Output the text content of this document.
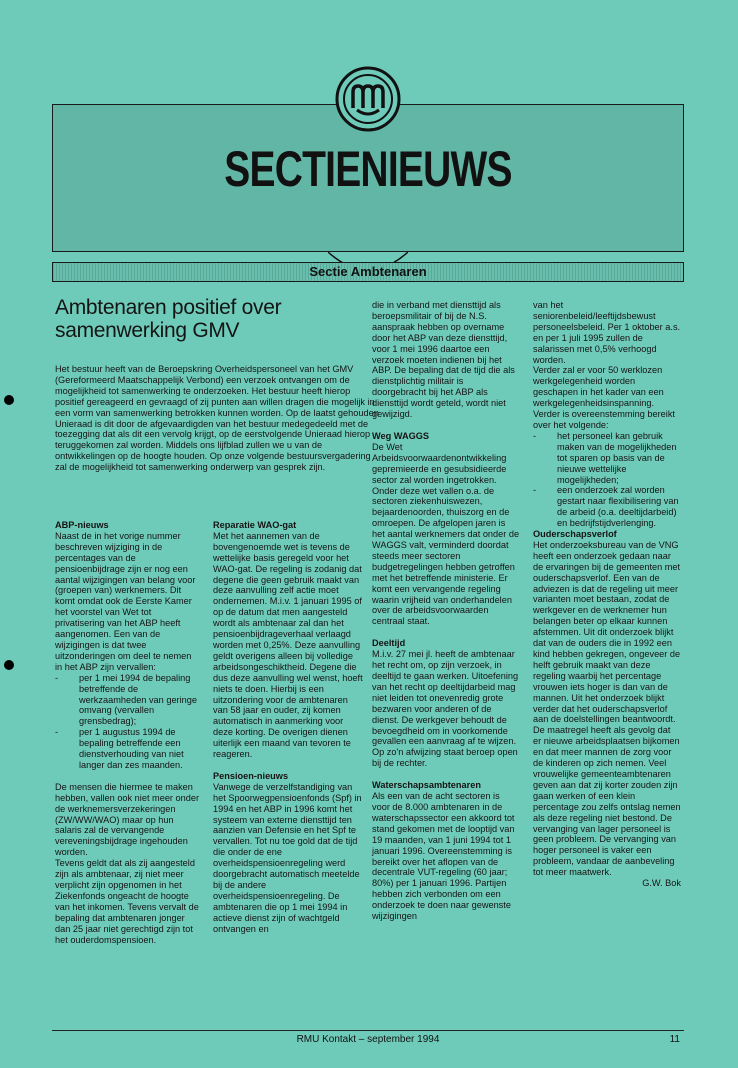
SECTIENIEUWS
Sectie Ambtenaren
Ambtenaren positief over samenwerking GMV
Het bestuur heeft van de Beroepskring Overheidspersoneel van het GMV (Gereformeerd Maatschappelijk Verbond) een verzoek ontvangen om de mogelijkheid tot samenwerking te onderzoeken. Het bestuur heeft hierop positief gereageerd en gevraagd of zij punten aan willen dragen die mogelijk in een vorm van samenwerking betrokken kunnen worden. Op de laatst gehouden Unieraad is dit door de afgevaardigden van het bestuur medegedeeld met de toezegging dat als dit een vervolg krijgt, op de eerstvolgende Unieraad hierop teruggekomen zal worden. Middels ons lijfblad zullen we u van de ontwikkelingen op de hoogte houden. Op onze volgende bestuursvergadering zal de mogelijkheid tot samenwerking onderwerp van gesprek zijn.

ABP-nieuws

Naast de in het vorige nummer beschreven wijziging in de percentages van de pensioenbijdrage zijn er nog een aantal wijzigingen van belang voor (groepen van) werknemers. Dit komt omdat ook de Eerste Kamer het voorstel van Wet tot privatisering van het ABP heeft aangenomen. Een van de wijzigingen is dat twee uitzonderingen om deel te nemen in het ABP zijn vervallen:

-	per 1 mei 1994 de bepaling betreffende de werkzaamheden van geringe omvang (vervallen grensbedrag);
-	per 1 augustus 1994 de bepaling betreffende een dienstverhouding van niet langer dan zes maanden.

De mensen die hiermee te maken hebben, vallen ook niet meer onder de werknemersverzekeringen (ZW/WW/WAO) maar op hun salaris zal de vervangende vereveningsbijdrage ingehouden worden.

Tevens geldt dat als zij aangesteld zijn als ambtenaar, zij niet meer verplicht zijn opgenomen in het Ziekenfonds ongeacht de hoogte van het inkomen. Tevens vervalt de bepaling dat ambtenaren jonger dan 25 jaar niet gerechtigd zijn tot het ouderdomspensioen.

Reparatie WAO-gat

Met het aannemen van de bovengenoemde wet is tevens de wettelijke basis geregeld voor het WAO-gat. De regeling is zodanig dat degene die geen gebruik maakt van deze aanvulling zelf actie moet ondernemen. M.i.v. 1 januari 1995 of op de datum dat men aangesteld wordt als ambtenaar zal dan het pensioenbijdrageverhaal verlaagd worden met 0,25%. Deze aanvulling geldt overigens alleen bij volledige arbeidsongeschiktheid. Degene die dus deze aanvulling wel wenst, hoeft niets te doen. Hierbij is een uitzondering voor de ambtenaren van 58 jaar en ouder, zij komen automatisch in aanmerking voor deze korting. De overigen dienen uiterlijk een maand van tevoren te reageren.

Pensioen-nieuws

Vanwege de verzelfstandiging van het Spoorwegpensioenfonds (Spf) in 1994 en het ABP in 1996 komt het systeem van externe diensttijd ten aanzien van Defensie en het Spf te vervallen. Tot nu toe gold dat de tijd die onder de ene overheidspensioenregeling werd doorgebracht automatisch meetelde bij de andere overheidspensioenregeling. De ambtenaren die op 1 mei 1994 in actieve dienst zijn of wachtgeld ontvangen en

die in verband met diensttijd als beroepsmilitair of bij de N.S. aanspraak hebben op overname door het ABP van deze diensttijd, voor 1 mei 1996 daartoe een verzoek moeten indienen bij het ABP. De bepaling dat de tijd die als dienstplichtig militair is doorgebracht bij het ABP als diensttijd wordt geteld, wordt niet gewijzigd.

Weg WAGGS

De Wet Arbeidsvoorwaardenontwikkeling gepremieerde en gesubsidieerde sector zal worden ingetrokken. Onder deze wet vallen o.a. de sectoren ziekenhuiswezen, bejaardenoorden, thuiszorg en de omroepen. De afgelopen jaren is het aantal werknemers dat onder de WAGGS valt, verminderd doordat steeds meer sectoren budgetregelingen hebben getroffen met het betreffende ministerie. Er komt een vervangende regeling waarin vrijheid van onderhandelen over de arbeidsvoorwaarden centraal staat.

Deeltijd

M.i.v. 27 mei jl. heeft de ambtenaar het recht om, op zijn verzoek, in deeltijd te gaan werken. Uitoefening van het recht op deeltijdarbeid mag niet leiden tot onevenredig grote bezwaren voor anderen of de dienst. De werkgever behoudt de bevoegdheid om in voorkomende gevallen een aanvraag af te wijzen. Op zo'n afwijzing staat beroep open bij de rechter.

Waterschapsambtenaren

Als een van de acht sectoren is voor de 8.000 ambtenaren in de waterschapssector een akkoord tot stand gekomen met de looptijd van 19 maanden, van 1 juni 1994 tot 1 januari 1996. Overeenstemming is bereikt over het aflopen van de decentrale VUT-regeling (60 jaar; 80%) per 1 januari 1996. Partijen hebben zich verbonden om een onderzoek te doen naar gewenste wijzigingen

van het seniorenbeleid/leeftijdsbewust personeelsbeleid. Per 1 oktober a.s. en per 1 juli 1995 zullen de salarissen met 0,5% verhoogd worden.

Verder zal er voor 50 werklozen werkgelegenheid worden geschapen in het kader van een werkgelegenheidsinspanning. Verder is overeenstemming bereikt over het volgende:

-	het personeel kan gebruik maken van de mogelijkheden tot sparen op basis van de nieuwe wettelijke mogelijkheden;
-	een onderzoek zal worden gestart naar flexibilisering van de arbeid (o.a. deeltijdarbeid) en bedrijfstijdverlenging.

Ouderschapsverlof

Het onderzoeksbureau van de VNG heeft een onderzoek gedaan naar de ervaringen bij de gemeenten met ouderschapsverlof. Een van de adviezen is dat de regeling uit meer varianten moet bestaan, zodat de werkgever en de werknemer hun belangen beter op elkaar kunnen afstemmen. Uit dit onderzoek blijkt dat van de ouders die in 1992 een kind hebben gekregen, ongeveer de helft gebruik maakt van deze regeling waarbij het percentage vrouwen iets hoger is dan van de mannen. Uit het onderzoek blijkt verder dat het ouderschapsverlof aan de doelstellingen beantwoordt. De maatregel heeft als gevolg dat er nieuwe arbeidsplaatsen bijkomen en dat meer mannen de zorg voor de kinderen op zich nemen. Veel vrouwelijke gemeenteambtenaren geven aan dat zij korter zouden zijn gaan werken of een klein percentage zou zelfs ontslag nemen als deze regeling niet bestond. De vervanging van lager personeel is geen probleem. De vervanging van hoger personeel is vaker een probleem, vandaar de aanbeveling tot meer maatwerk.

G.W. Bok

RMU Kontakt – september 1994	11
